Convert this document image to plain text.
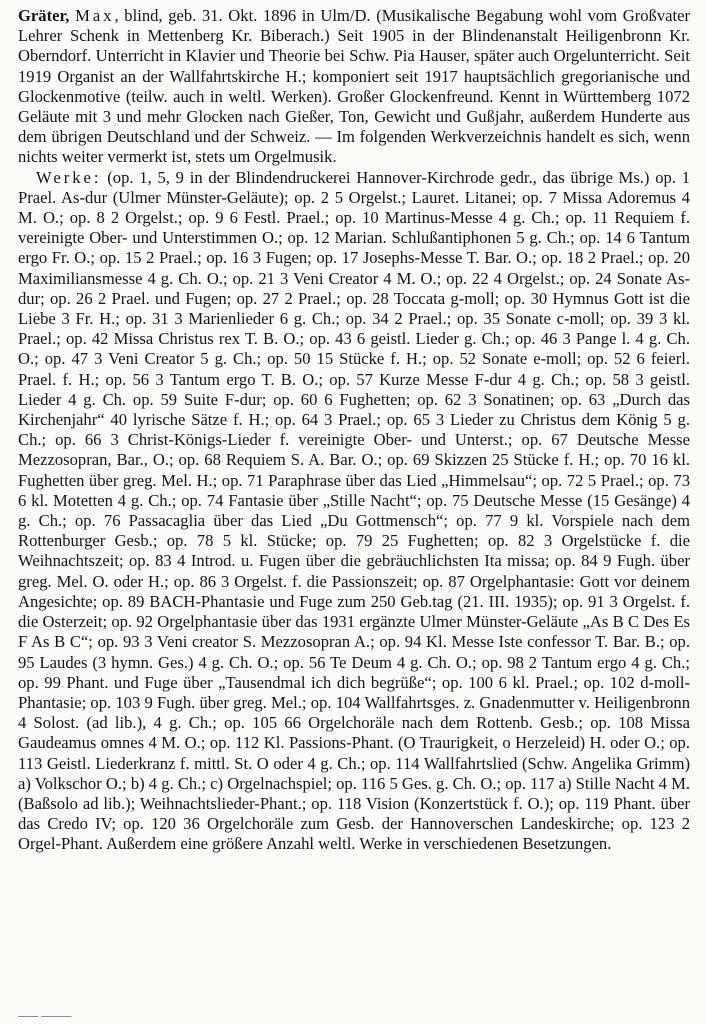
Gräter, Max, blind, geb. 31. Okt. 1896 in Ulm/D. (Musikalische Begabung wohl vom Großvater Lehrer Schenk in Mettenberg Kr. Biberach.) Seit 1905 in der Blindenanstalt Heiligenbronn Kr. Oberndorf. Unterricht in Klavier und Theorie bei Schw. Pia Hauser, später auch Orgelunterricht. Seit 1919 Organist an der Wallfahrtskirche H.; komponiert seit 1917 hauptsächlich gregorianische und Glockenmotive (teilw. auch in weltl. Werken). Großer Glockenfreund. Kennt in Württemberg 1072 Geläute mit 3 und mehr Glocken nach Gießer, Ton, Gewicht und Gußjahr, außerdem Hunderte aus dem übrigen Deutschland und der Schweiz. — Im folgenden Werkverzeichnis handelt es sich, wenn nichts weiter vermerkt ist, stets um Orgelmusik.

Werke: (op. 1, 5, 9 in der Blindendruckerei Hannover-Kirchrode gedr., das übrige Ms.) op. 1 Prael. As-dur (Ulmer Münster-Geläute); op. 2 5 Orgelst.; Lauret. Litanei; op. 7 Missa Adoremus 4 M. O.; op. 8 2 Orgelst.; op. 9 6 Festl. Prael.; op. 10 Martinus-Messe 4 g. Ch.; op. 11 Requiem f. vereinigte Ober- und Unterstimmen O.; op. 12 Marian. Schlußantiphonen 5 g. Ch.; op. 14 6 Tantum ergo Fr. O.; op. 15 2 Prael.; op. 16 3 Fugen; op. 17 Josephs-Messe T. Bar. O.; op. 18 2 Prael.; op. 20 Maximiliansmesse 4 g. Ch. O.; op. 21 3 Veni Creator 4 M. O.; op. 22 4 Orgelst.; op. 24 Sonate As-dur; op. 26 2 Prael. und Fugen; op. 27 2 Prael.; op. 28 Toccata g-moll; op. 30 Hymnus Gott ist die Liebe 3 Fr. H.; op. 31 3 Marienlieder 6 g. Ch.; op. 34 2 Prael.; op. 35 Sonate c-moll; op. 39 3 kl. Prael.; op. 42 Missa Christus rex T. B. O.; op. 43 6 geistl. Lieder g. Ch.; op. 46 3 Pange l. 4 g. Ch. O.; op. 47 3 Veni Creator 5 g. Ch.; op. 50 15 Stücke f. H.; op. 52 Sonate e-moll; op. 52 6 feierl. Prael. f. H.; op. 56 3 Tantum ergo T. B. O.; op. 57 Kurze Messe F-dur 4 g. Ch.; op. 58 3 geistl. Lieder 4 g. Ch. op. 59 Suite F-dur; op. 60 6 Fughetten; op. 62 3 Sonatinen; op. 63 „Durch das Kirchenjahr“ 40 lyrische Sätze f. H.; op. 64 3 Prael.; op. 65 3 Lieder zu Christus dem König 5 g. Ch.; op. 66 3 Christ-Königs-Lieder f. vereinigte Ober- und Unterst.; op. 67 Deutsche Messe Mezzosopran, Bar., O.; op. 68 Requiem S. A. Bar. O.; op. 69 Skizzen 25 Stücke f. H.; op. 70 16 kl. Fughetten über greg. Mel. H.; op. 71 Paraphrase über das Lied „Himmelsau“; op. 72 5 Prael.; op. 73 6 kl. Motetten 4 g. Ch.; op. 74 Fantasie über „Stille Nacht“; op. 75 Deutsche Messe (15 Gesänge) 4 g. Ch.; op. 76 Passacaglia über das Lied „Du Gottmensch“; op. 77 9 kl. Vorspiele nach dem Rottenburger Gesb.; op. 78 5 kl. Stücke; op. 79 25 Fughetten; op. 82 3 Orgelstücke f. die Weihnachtszeit; op. 83 4 Introd. u. Fugen über die gebräuchlichsten Ita missa; op. 84 9 Fugh. über greg. Mel. O. oder H.; op. 86 3 Orgelst. f. die Passionszeit; op. 87 Orgelphantasie: Gott vor deinem Angesichte; op. 89 BACH-Phantasie und Fuge zum 250 Geb.tag (21. III. 1935); op. 91 3 Orgelst. f. die Osterzeit; op. 92 Orgelphantasie über das 1931 ergänzte Ulmer Münster-Geläute „As B C Des Es F As B C“; op. 93 3 Veni creator S. Mezzosopran A.; op. 94 Kl. Messe Iste confessor T. Bar. B.; op. 95 Laudes (3 hymn. Ges.) 4 g. Ch. O.; op. 56 Te Deum 4 g. Ch. O.; op. 98 2 Tantum ergo 4 g. Ch.; op. 99 Phant. und Fuge über „Tausendmal ich dich begrüße“; op. 100 6 kl. Prael.; op. 102 d-moll-Phantasie; op. 103 9 Fugh. über greg. Mel.; op. 104 Wallfahrtsges. z. Gnadenmutter v. Heiligenbronn 4 Solost. (ad lib.), 4 g. Ch.; op. 105 66 Orgelchoräle nach dem Rottenb. Gesb.; op. 108 Missa Gaudeamus omnes 4 M. O.; op. 112 Kl. Passions-Phant. (O Traurigkeit, o Herzeleid) H. oder O.; op. 113 Geistl. Liederkranz f. mittl. St. O oder 4 g. Ch.; op. 114 Wallfahrtslied (Schw. Angelika Grimm) a) Volkschor O.; b) 4 g. Ch.; c) Orgelnachspiel; op. 116 5 Ges. g. Ch. O.; op. 117 a) Stille Nacht 4 M. (Baßsolo ad lib.); Weihnachtslieder-Phant.; op. 118 Vision (Konzertstück f. O.); op. 119 Phant. über das Credo IV; op. 120 36 Orgelchoräle zum Gesb. der Hannoverschen Landeskirche; op. 123 2 Orgel-Phant. Außerdem eine größere Anzahl weltl. Werke in verschiedenen Besetzungen.

▔▔ ▔▔▔
